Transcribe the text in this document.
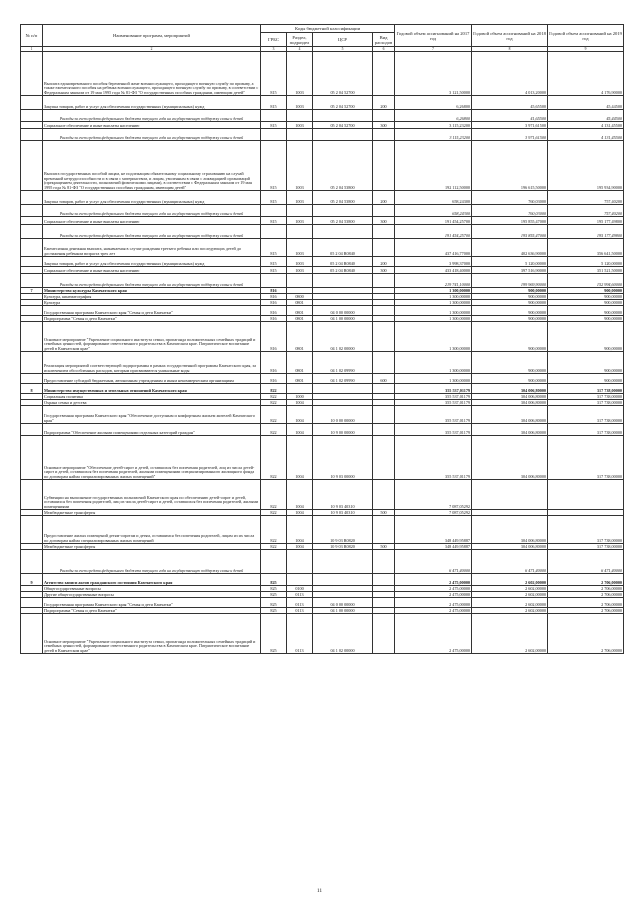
№ п/п	Наименование программ, мероприятий	Коды бюджетной классификации				Годовой объем ассигнований на 2017 год	Годовой объем ассигнований на 2018 год	Годовой объем ассигнований на 2019 год
		ГРБС	Раздел, подраздел	ЦСР	Вид расходов			
1	2	3	4	5	6	7	8	9
	Выплата единовременного пособия беременной жене военнослужащего, проходящего военную службу по призыву, а также ежемесячного пособия на ребенка военнослужащего, проходящего военную службу по призыву, в соответствии с Федеральным законом от 19 мая 1995 года № 81-ФЗ "О государственных пособиях гражданам, имеющим детей"	815	1003	05 2 04 52700		3 121,50000	4 013,20000	4 176,90000
	Закупка товаров, работ и услуг для обеспечения государственных (муниципальных) нужд	815	1003	05 2 04 52700	200	6,26800	45,65500	45,44500
	Расходы за счет средств федерального бюджета текущего года на государственную поддержку семьи и детей					6,26800	41,65500	45,44500
	Социальное обеспечение и иные выплаты населению	815	1003	05 2 04 52700	300	3 115,23200	3 971,61500	4 131,45500
	Расходы за счет средств федерального бюджета текущего года на государственную поддержку семьи и детей					3 115,23200	3 971,61500	4 131,45500
	Выплата государственных пособий лицам, не подлежащим обязательному социальному страхованию на случай временной нетрудоспособности и в связи с материнством, и лицам, уволенным в связи с ликвидацией организаций (прекращением деятельности, полномочий физическими лицами), в соответствии с Федеральным законом от 19 мая 1995 года № 81-ФЗ "О государственных пособиях гражданам, имеющим детей"	815	1003	05 2 04 53800		192 112,50000	196 615,50000	195 934,90000
	Закупка товаров, работ и услуг для обеспечения государственных (муниципальных) нужд	815	1003	05 2 04 53800	200	658,24300	760,03000	757,40200
	Расходы за счет средств федерального бюджета текущего года на государственную поддержку семьи и детей					658,24300	760,03000	757,40200
	Социальное обеспечение и иные выплаты населению	815	1003	05 2 04 53800	300	191 454,25700	195 855,47000	195 177,49800
	Расходы за счет средств федерального бюджета текущего года на государственную поддержку семьи и детей					191 454,25700	195 855,47000	195 177,49800
	Ежемесячная денежная выплата, назначаемая в случае рождения третьего ребенка или последующих детей до достижения ребенком возраста трех лет	815	1003	05 2 04 R0840		437 416,77000	402 636,90000	356 641,50000
	Закупка товаров, работ и услуг для обеспечения государственных (муниципальных) нужд	815	1003	05 2 04 R0840	200	3 998,37000	5 120,00000	5 120,00000
	Социальное обеспечение и иные выплаты населению	815	1003	05 2 04 R0840	300	433 418,40000	397 516,90000	351 521,50000
	Расходы за счет средств федерального бюджета текущего года на государственную поддержку семьи и детей					219 741,10000	199 969,90000	152 994,60000
7	Министерство культуры Камчатского края	816				1 300,00000	900,00000	900,00000
	Культура, кинематография	816	0800			1 300,00000	900,00000	900,00000
	Культура	816	0801			1 300,00000	900,00000	900,00000
	Государственная программа Камчатского края "Семья и дети Камчатки"	816	0801	04 0 00 00000		1 300,00000	900,00000	900,00000
	Подпрограмма "Семья и дети Камчатки"	816	0801	04 1 00 00000		1 300,00000	900,00000	900,00000
	Основное мероприятие "Укрепление социального института семьи, пропаганда положительных семейных традиций и семейных ценностей, формирование ответственного родительства в Камчатском крае. Патриотическое воспитание детей в Камчатском крае"	816	0801	04 1 02 00000		1 300,00000	900,00000	900,00000
	Реализация мероприятий соответствующей подпрограммы в рамках государственной программы Камчатского края, за исключением обособленных расходов, которым присваиваются уникальные коды	816	0801	04 1 02 09990		1 300,00000	900,00000	900,00000
	Предоставление субсидий бюджетным, автономным учреждениям и иным некоммерческим организациям	816	0801	04 1 02 09990	600	1 300,00000	900,00000	900,00000
8	Министерство имущественных и земельных отношений Камчатского края	822				355 537,01179	304 006,80000	317 738,00000
	Социальная политика	822	1000			355 537,01179	304 006,80000	317 738,00000
	Охрана семьи и детства	822	1004			355 537,01179	304 006,80000	317 738,00000
	Государственная программа Камчатского края "Обеспечение доступным и комфортным жильем жителей Камчатского края"	822	1004	10 0 00 00000		355 537,01179	304 006,80000	317 738,00000
	Подпрограмма "Обеспечение жилыми помещениями отдельных категорий граждан"	822	1004	10 9 00 00000		355 537,01179	304 006,80000	317 738,00000
	Основное мероприятие "Обеспечение детей-сирот и детей, оставшихся без попечения родителей, лиц из числа детей-сирот и детей, оставшихся без попечения родителей, жилыми помещениями специализированного жилищного фонда по договорам найма специализированных жилых помещений"	822	1004	10 9 03 00000		355 537,01179	304 006,80000	317 738,00000
	Субвенции на выполнение государственных полномочий Камчатского края по обеспечению детей-сирот и детей, оставшихся без попечения родителей, лиц из числа детей-сирот и детей, оставшихся без попечения родителей, жилыми помещениями	822	1004	10 9 03 40310		7 087,05292		
	Межбюджетные трансферты	822	1004	10 9 03 40310	500	7 087,05292		
	Предоставление жилых помещений детям-сиротам и детям, оставшимся без попечения родителей, лицам из их числа по договорам найма специализированных жилых помещений	822	1004	10 9 03 R0820		348 449,95887	304 006,80000	317 738,00000
	Межбюджетные трансферты	822	1004	10 9 03 R0820	500	348 449,95887	304 006,80000	317 738,00000
	Расходы за счет средств федерального бюджета текущего года на государственную поддержку семьи и детей					6 471,40000	6 471,40000	6 471,40000
9	Агентство записи актов гражданского состояния Камчатского края	825				2 475,00000	2 602,00000	2 706,00000
	Общегосударственные вопросы	825	0100			2 475,00000	2 602,00000	2 706,00000
	Другие общегосударственные вопросы	825	0113			2 475,00000	2 602,00000	2 706,00000
	Государственная программа Камчатского края "Семья и дети Камчатки"	825	0113	04 0 00 00000		2 475,00000	2 602,00000	2 706,00000
	Подпрограмма "Семья и дети Камчатки"	825	0113	04 1 00 00000		2 475,00000	2 602,00000	2 706,00000
	Основное мероприятие "Укрепление социального института семьи, пропаганда положительных семейных традиций и семейных ценностей, формирование ответственного родительства в Камчатском крае. Патриотическое воспитание детей в Камчатском крае"	825	0113	04 1 02 00000		2 475,00000	2 602,00000	2 706,00000
11
